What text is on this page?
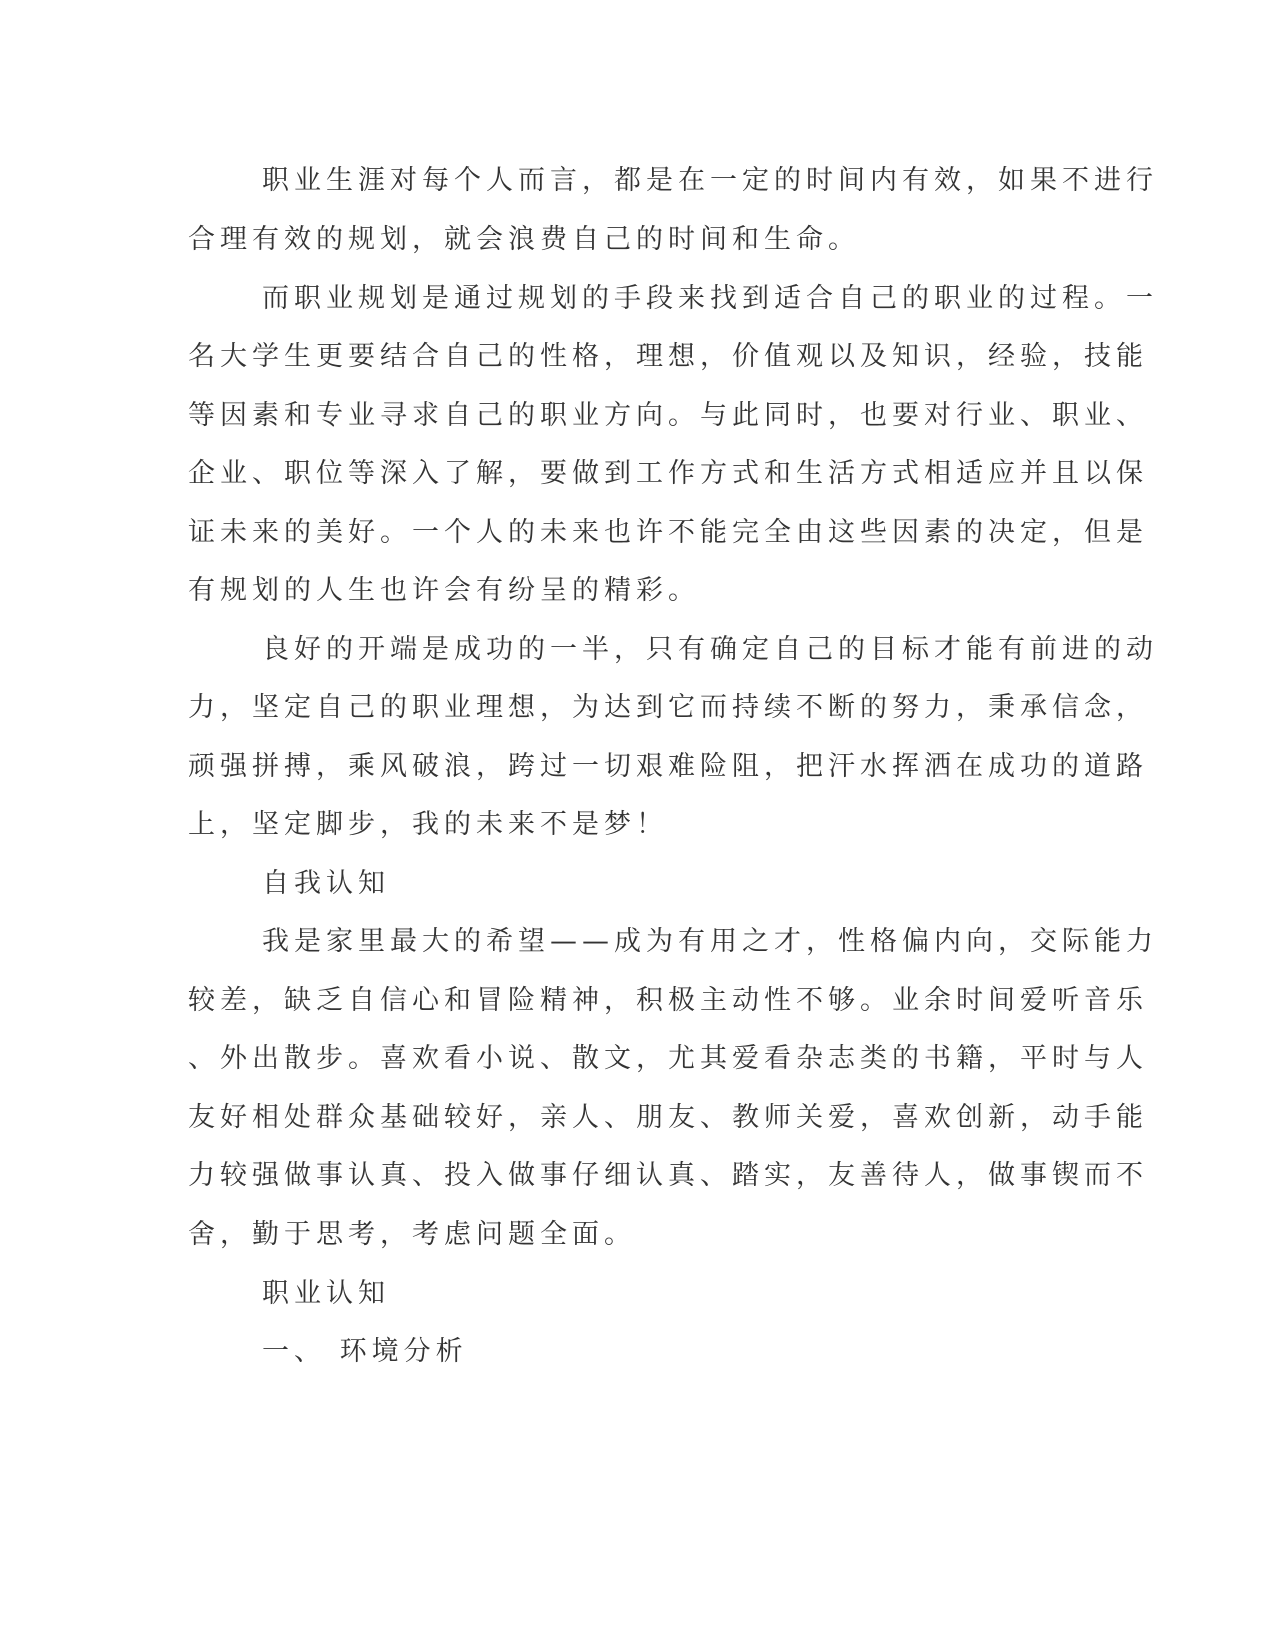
职业生涯对每个人而言，都是在一定的时间内有效，如果不进行

合理有效的规划，就会浪费自己的时间和生命。

而职业规划是通过规划的手段来找到适合自己的职业的过程。一

名大学生更要结合自己的性格，理想，价值观以及知识，经验，技能

等因素和专业寻求自己的职业方向。与此同时，也要对行业、职业、

企业、职位等深入了解，要做到工作方式和生活方式相适应并且以保

证未来的美好。一个人的未来也许不能完全由这些因素的决定，但是

有规划的人生也许会有纷呈的精彩。

良好的开端是成功的一半，只有确定自己的目标才能有前进的动

力，坚定自己的职业理想，为达到它而持续不断的努力，秉承信念，

顽强拼搏，乘风破浪，跨过一切艰难险阻，把汗水挥洒在成功的道路

上，坚定脚步，我的未来不是梦！

自我认知

我是家里最大的希望——成为有用之才，性格偏内向，交际能力

较差，缺乏自信心和冒险精神，积极主动性不够。业余时间爱听音乐

、外出散步。喜欢看小说、散文，尤其爱看杂志类的书籍，平时与人

友好相处群众基础较好，亲人、朋友、教师关爱，喜欢创新，动手能

力较强做事认真、投入做事仔细认真、踏实，友善待人，做事锲而不

舍，勤于思考，考虑问题全面。

职业认知

一、 环境分析
